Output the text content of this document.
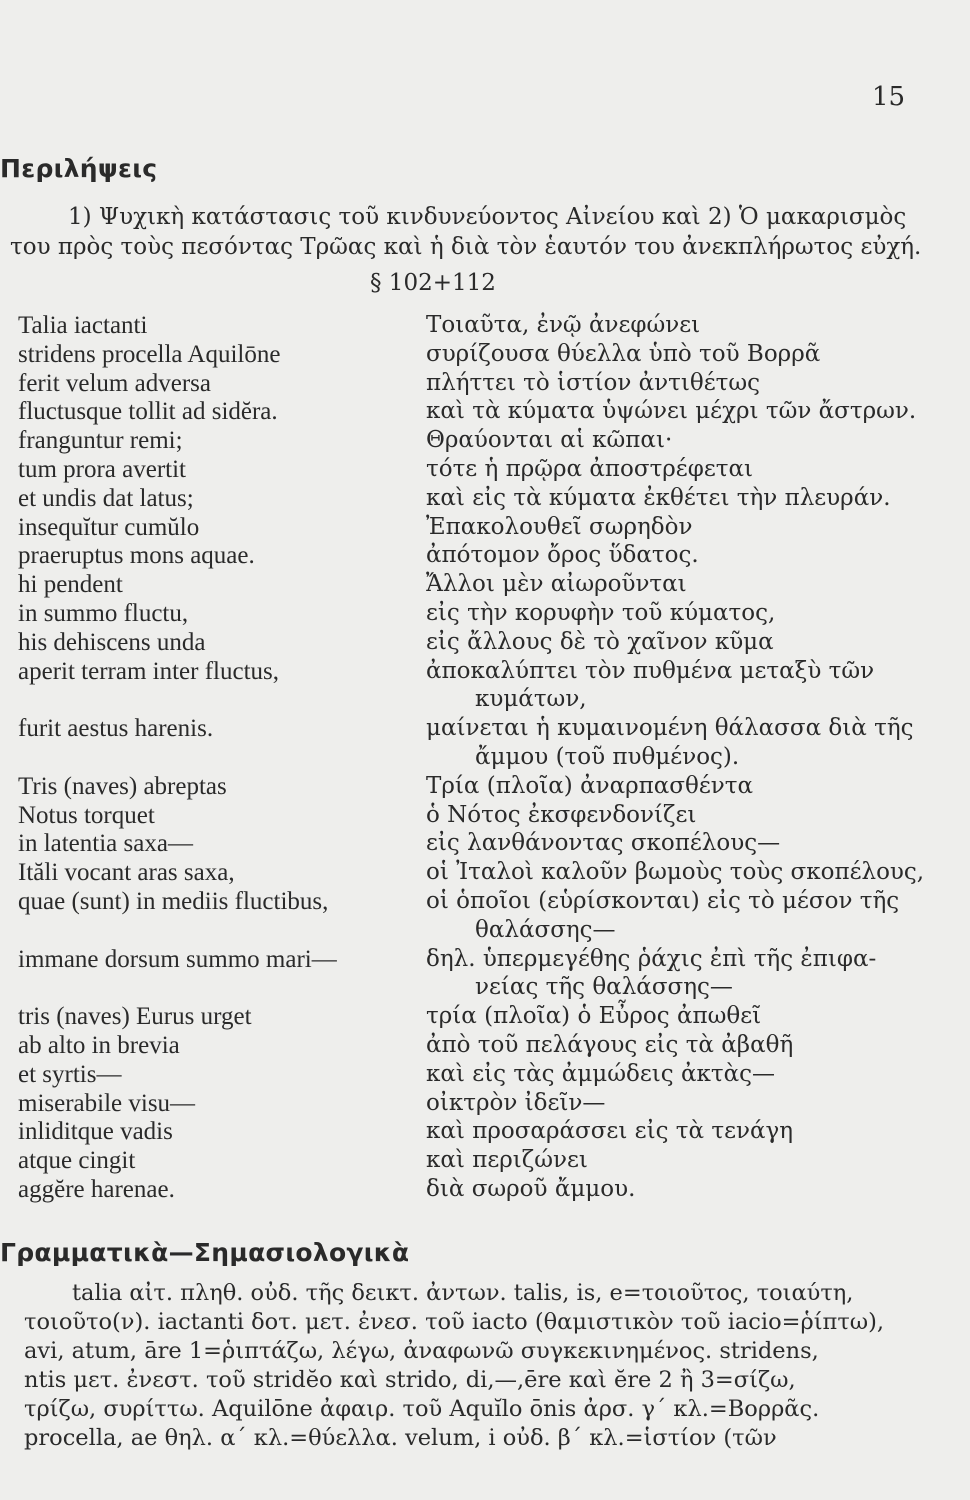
15
Περιλήψεις
1) Ψυχικὴ κατάστασις τοῦ κινδυνεύοντος Αἰνείου καὶ 2) Ὁ μακαρισμὸς
του πρὸς τοὺς πεσόντας Τρῶας καὶ ἡ διὰ τὸν ἑαυτόν του ἀνεκπλήρωτος εὐχή.
§ 102+112
Talia iactanti	Τοιαῦτα, ἐνῷ ἀνεφώνει
stridens procella Aquilōne	συρίζουσα θύελλα ὑπὸ τοῦ Βορρᾶ
ferit velum adversa	πλήττει τὸ ἱστίον ἀντιθέτως
fluctusque tollit ad sidĕra.	καὶ τὰ κύματα ὑψώνει μέχρι τῶν ἄστρων.
franguntur remi;	Θραύονται αἱ κῶπαι·
tum prora avertit	τότε ἡ πρῷρα ἀποστρέφεται
et undis dat latus;	καὶ εἰς τὰ κύματα ἐκθέτει τὴν πλευράν.
insequĭtur cumŭlo	Ἐπακολουθεῖ σωρηδὸν
praeruptus mons aquae.	ἀπότομον ὄρος ὕδατος.
hi pendent	Ἄλλοι μὲν αἰωροῦνται
in summo fluctu,	εἰς τὴν κορυφὴν τοῦ κύματος,
his dehiscens unda	εἰς ἄλλους δὲ τὸ χαῖνον κῦμα
aperit terram inter fluctus,	ἀποκαλύπτει τὸν πυθμένα μεταξὺ τῶν
κυμάτων,
furit aestus harenis.	μαίνεται ἡ κυμαινομένη θάλασσα διὰ τῆς
ἄμμου (τοῦ πυθμένος).
Tris (naves) abreptas	Τρία (πλοῖα) ἀναρπασθέντα
Notus torquet	ὁ Νότος ἐκσφενδονίζει
in latentia saxa—	εἰς λανθάνοντας σκοπέλους—
Ităli vocant aras saxa,	οἱ Ἰταλοὶ καλοῦν βωμοὺς τοὺς σκοπέλους,
quae (sunt) in mediis fluctibus,	οἱ ὁποῖοι (εὑρίσκονται) εἰς τὸ μέσον τῆς
θαλάσσης—
immane dorsum summo mari—	δηλ. ὑπερμεγέθης ῥάχις ἐπὶ τῆς ἐπιφα-
νείας τῆς θαλάσσης—
tris (naves) Eurus urget	τρία (πλοῖα) ὁ Εὖρος ἀπωθεῖ
ab alto in brevia	ἀπὸ τοῦ πελάγους εἰς τὰ ἀβαθῆ
et syrtis—	καὶ εἰς τὰς ἀμμώδεις ἀκτὰς—
miserabile visu—	οἰκτρὸν ἰδεῖν—
inliditque vadis	καὶ προσαράσσει εἰς τὰ τενάγη
atque cingit	καὶ περιζώνει
aggĕre harenae.	διὰ σωροῦ ἄμμου.
Γραμματικὰ—Σημασιολογικὰ
talia αἰτ. πληθ. οὐδ. τῆς δεικτ. ἀντων. talis, is, e=τοιοῦτος, τοιαύτη,
τοιοῦτο(ν). iactanti δοτ. μετ. ἐνεσ. τοῦ iacto (θαμιστικὸν τοῦ iacio=ῥίπτω),
avi, atum, āre 1=ῥιπτάζω, λέγω, ἀναφωνῶ συγκεκινημένος. stridens,
ntis μετ. ἐνεστ. τοῦ stridĕo καὶ strido, di,—,ēre καὶ ĕre 2 ἢ 3=σίζω,
τρίζω, συρίττω. Aquilōne ἀφαιρ. τοῦ Aquĭlo ōnis ἀρσ. γ΄ κλ.=Βορρᾶς.
procella, ae θηλ. α΄ κλ.=θύελλα. velum, i οὐδ. β΄ κλ.=ἱστίον (τῶν
